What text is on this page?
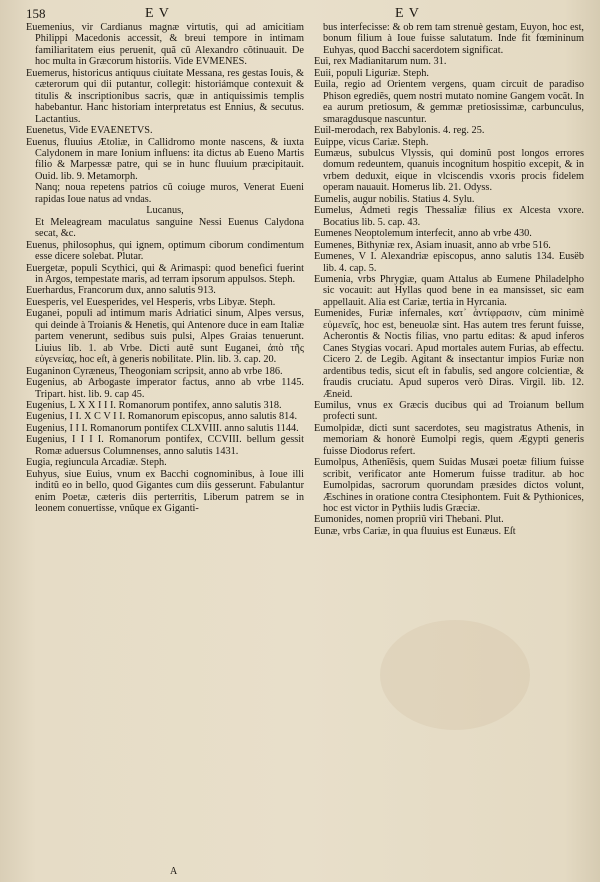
158	E V	E V

Euemenius, vir Cardianus magnæ virtutis, qui ad amicitiam Philippi Macedonis accessit, & breui tempore in intimam familiaritatem eius peruenit, quã cũ Alexandro cõtinuauit. De hoc multa in Græcorum historiis. Vide EVMENES.

Euemerus, historicus antiquus ciuitate Messana, res gestas Iouis, & cæterorum qui dii putantur, collegit: historiámque contexuit & titulis & inscriptionibus sacris, quæ in antiquissimis templis habebantur. Hanc historiam interpretatus est Ennius, & secutus. Lactantius.

Euenetus, Vide EVAENETVS.

Euenus, fluuius Ætoliæ, in Callidromo monte nascens, & iuxta Calydonem in mare Ionium influens: ita dictus ab Eueno Martis filio & Marpessæ patre, qui se in hunc fluuium præcipitauit. Ouid. lib. 9. Metamorph.

Nanq; noua repetens patrios cũ coiuge muros, Venerat Eueni rapidas Ioue natus ad vndas.

Lucanus,

Et Meleagream maculatus sanguine Nessi Euenus Calydona secat, &c.

Euenus, philosophus, qui ignem, optimum ciborum condimentum esse dicere solebat. Plutar.

Euergetæ, populi Scythici, qui & Arimaspi: quod benefici fuerint in Argos, tempestate maris, ad terram ipsorum appulsos. Steph.

Euerhardus, Francorum dux, anno salutis 913.

Euesperis, vel Euesperides, vel Hesperis, vrbs Libyæ. Steph.

Euganei, populi ad intimum maris Adriatici sinum, Alpes versus, qui deinde à Troianis & Henetis, qui Antenore duce in eam Italiæ partem venerunt, sedibus suis pulsi, Alpes Graias tenuerunt. Liuius lib. 1. ab Vrbe. Dicti autẽ sunt Euganei, ἀπὸ τῆς εὐγενείας, hoc eſt, à generis nobilitate. Plin. lib. 3. cap. 20.

Euganinon Cyræneus, Theogoniam scripsit, anno ab vrbe 186.

Eugenius, ab Arbogaste imperator factus, anno ab vrbe 1145. Tripart. hist. lib. 9. cap 45.

Eugenius, L X X I I I. Romanorum pontifex, anno salutis 318.

Eugenius, I I. X C V I I. Romanorum episcopus, anno salutis 814.

Eugenius, I I I. Romanorum pontifex CLXVIII. anno salutis 1144.

Eugenius, I I I I. Romanorum pontifex, CCVIII. bellum gessit Romæ aduersus Columnenses, anno salutis 1431.

Eugia, regiuncula Arcadiæ. Steph.

Euhyus, siue Euius, vnum ex Bacchi cognominibus, à Ioue illi inditũ eo in bello, quod Gigantes cum diis gesserunt. Fabulantur enim Poetæ, cæteris diis perterritis, Liberum patrem se in leonem conuertisse, vnũque ex Giganti-

bus interfecisse: & ob rem tam strenuè gestam, Euyon, hoc est, bonum filium à Ioue fuisse salutatum. Inde fit fœmininum Euhyas, quod Bacchi sacerdotem significat.

Eui, rex Madianitarum num. 31.

Euii, populi Liguriæ. Steph.

Euila, regio ad Orientem vergens, quam circuit de paradiso Phison egrediẽs, quem nostri mutato nomine Gangem vocãt. In ea aurum pretiosum, & gemmæ pretiosissimæ, carbunculus, smaragdusque nascuntur.

Euil-merodach, rex Babylonis. 4. reg. 25.

Euippe, vicus Cariæ. Steph.

Eumæus, subulcus Vlyssis, qui dominũ post longos errores domum redeuntem, quanuis incognitum hospitio excepit, & in vrbem deduxit, eique in vlciscendis vxoris procis fidelem operam nauauit. Homerus lib. 21. Odyss.

Eumelis, augur nobilis. Statius 4. Sylu.

Eumelus, Admeti regis Thessaliæ filius ex Alcesta vxore. Bocatius lib. 5. cap. 43.

Eumenes Neoptolemum interfecit, anno ab vrbe 430.

Eumenes, Bithyniæ rex, Asiam inuasit, anno ab vrbe 516.

Eumenes, V I. Alexandriæ episcopus, anno salutis 134. Eusëb lib. 4. cap. 5.

Eumenia, vrbs Phrygiæ, quam Attalus ab Eumene Philadelpho sic vocauit: aut Hyllas quod bene in ea mansisset, sic eam appellauit. Alia est Cariæ, tertia in Hyrcania.

Eumenides, Furiæ infernales, κατ᾽ ἀντίφρασιν, cùm minimè εὐμενεῖς, hoc est, beneuolæ sint. Has autem tres ferunt fuisse, Acherontis & Noctis filias, vno partu editas: & apud inferos Canes Stygias vocari. Apud mortales autem Furias, ab effectu. Cicero 2. de Legib. Agitant & insectantur impios Furiæ non ardentibus tedis, sicut eſt in fabulis, sed angore colcientiæ, & fraudis cruciatu. Apud superos verò Diras. Virgil. lib. 12. Æneid.

Eumilus, vnus ex Græcis ducibus qui ad Troianum bellum profecti sunt.

Eumolpidæ, dicti sunt sacerdotes, seu magistratus Athenis, in memoriam & honorè Eumolpi regis, quem Ægypti generis fuisse Diodorus refert.

Eumolpus, Athenĩẽsis, quem Suidas Musæi poetæ filium fuisse scribit, verificator ante Homerum fuisse traditur. ab hoc Eumolpidas, sacrorum quorundam præsides dictos volunt, Æschines in oratione contra Ctesiphontem. Fuit & Pythionices, hoc est victor in Pythiis ludis Græciæ.

Eumonides, nomen propriũ viri Thebani. Plut.

Eunæ, vrbs Cariæ, in qua fluuius est Eunæus. Eſt

A
